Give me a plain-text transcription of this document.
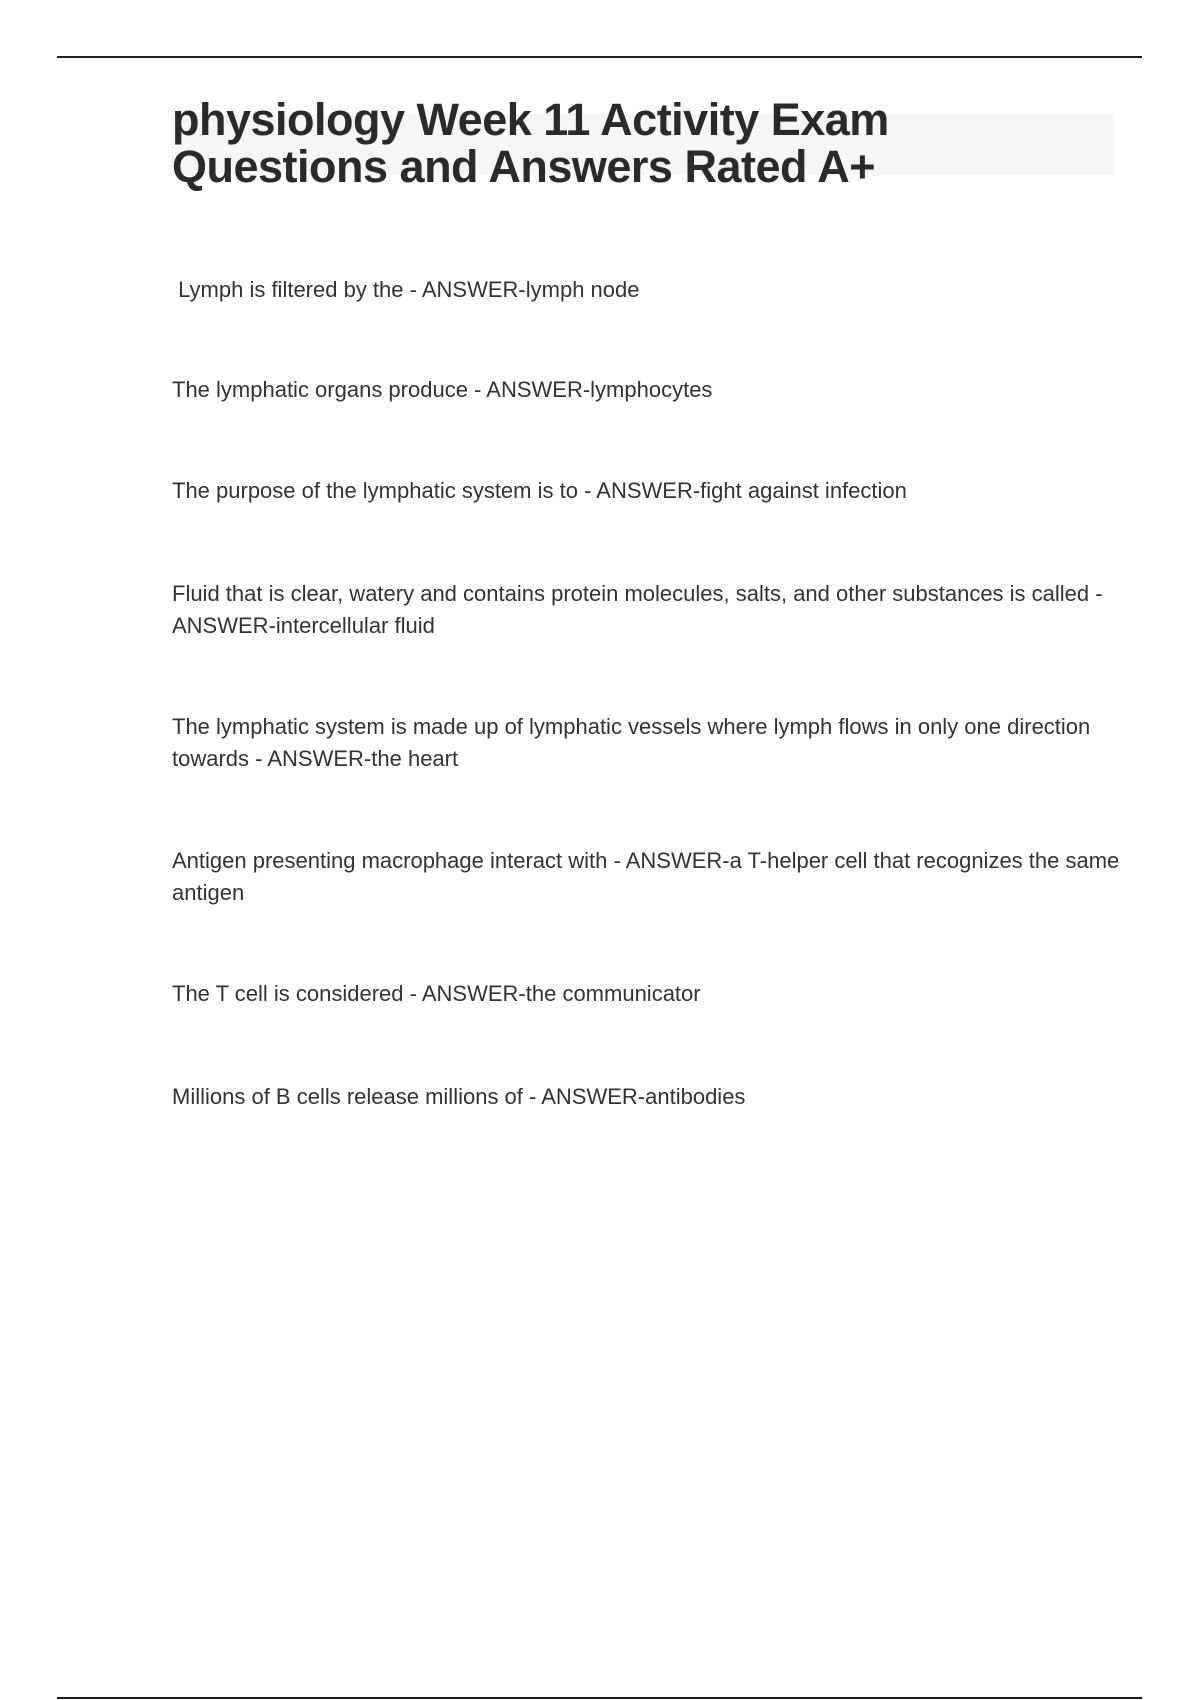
physiology Week 11 Activity Exam
Questions and Answers Rated A+

Lymph is filtered by the - ANSWER-lymph node

The lymphatic organs produce - ANSWER-lymphocytes

The purpose of the lymphatic system is to - ANSWER-fight against infection

Fluid that is clear, watery and contains protein molecules, salts, and other substances is called - ANSWER-intercellular fluid

The lymphatic system is made up of lymphatic vessels where lymph flows in only one direction towards - ANSWER-the heart

Antigen presenting macrophage interact with - ANSWER-a T-helper cell that recognizes the same antigen

The T cell is considered - ANSWER-the communicator

Millions of B cells release millions of - ANSWER-antibodies
